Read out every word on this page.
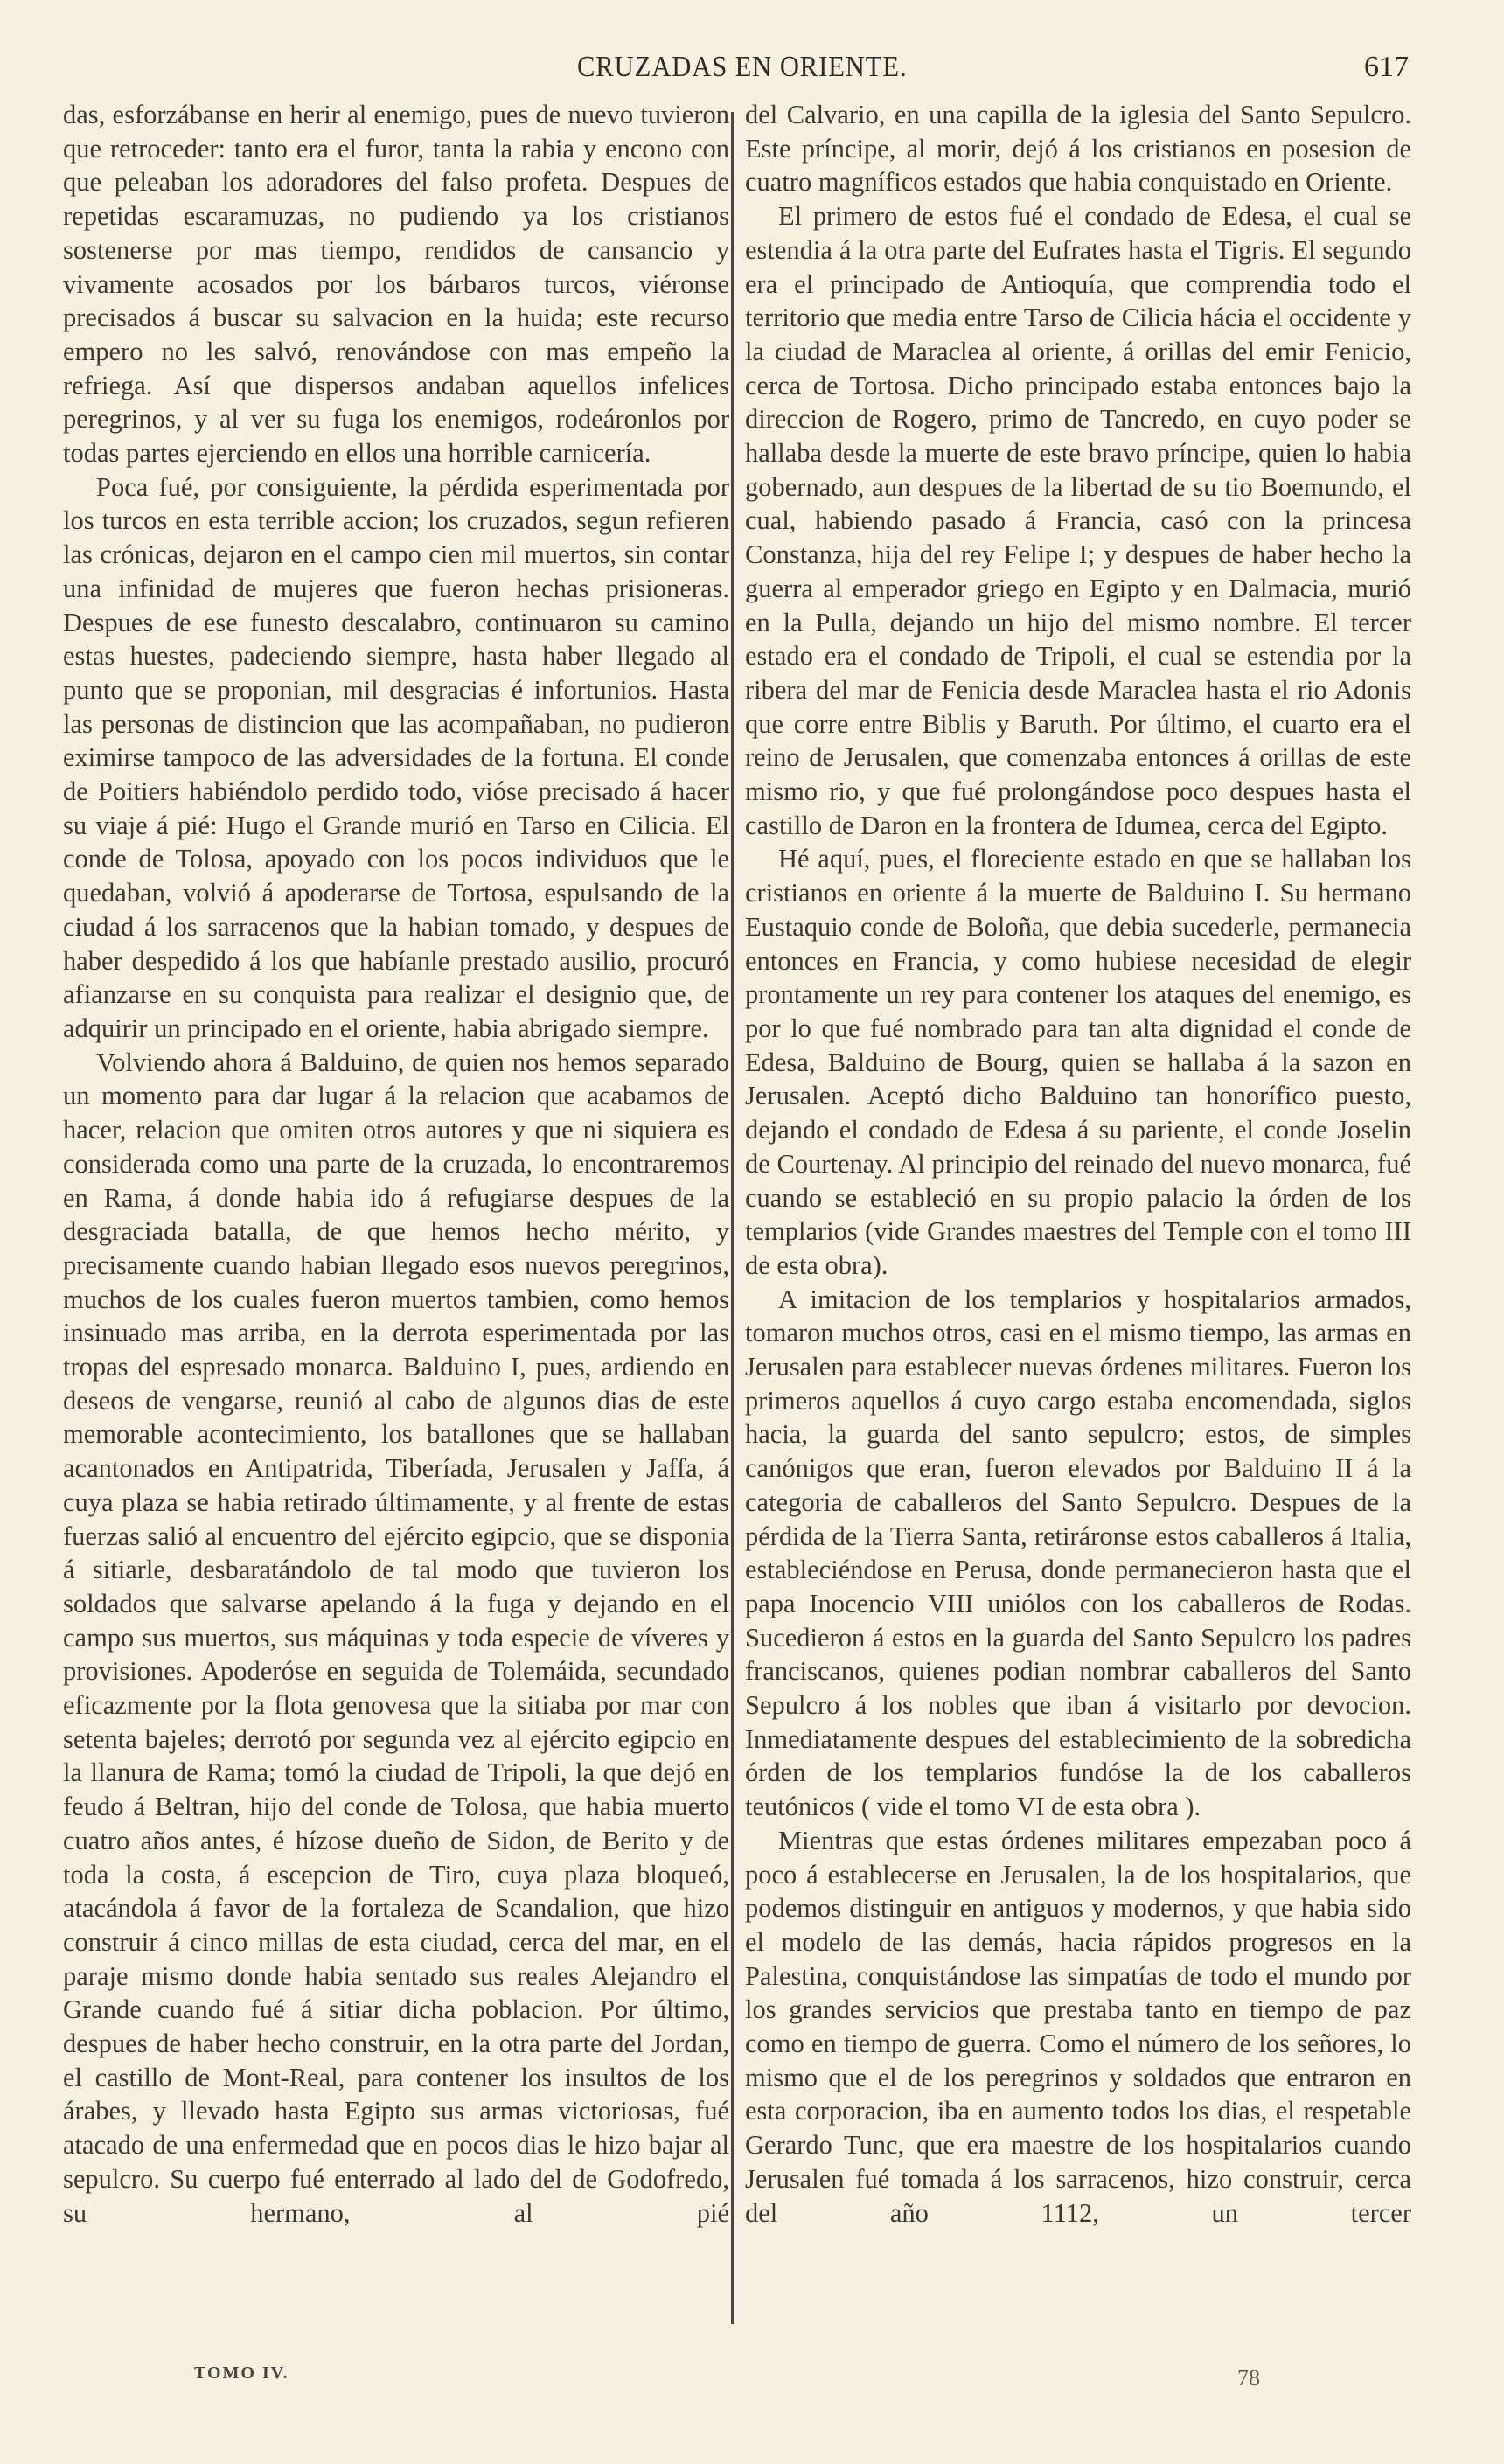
CRUZADAS EN ORIENTE.	617

das, esforzábanse en herir al enemigo, pues de nuevo tuvieron que retroceder: tanto era el furor, tanta la rabia y encono con que peleaban los adoradores del falso profeta. Despues de repetidas escaramuzas, no pudiendo ya los cristianos sostenerse por mas tiempo, rendidos de cansancio y vivamente acosados por los bárbaros turcos, viéronse precisados á buscar su salvacion en la huida; este recurso empero no les salvó, renovándose con mas empeño la refriega. Así que dispersos andaban aquellos infelices peregrinos, y al ver su fuga los enemigos, rodeáronlos por todas partes ejerciendo en ellos una horrible carnicería.

Poca fué, por consiguiente, la pérdida esperimentada por los turcos en esta terrible accion; los cruzados, segun refieren las crónicas, dejaron en el campo cien mil muertos, sin contar una infinidad de mujeres que fueron hechas prisioneras. Despues de ese funesto descalabro, continuaron su camino estas huestes, padeciendo siempre, hasta haber llegado al punto que se proponian, mil desgracias é infortunios. Hasta las personas de distincion que las acompañaban, no pudieron eximirse tampoco de las adversidades de la fortuna. El conde de Poitiers habiéndolo perdido todo, vióse precisado á hacer su viaje á pié: Hugo el Grande murió en Tarso en Cilicia. El conde de Tolosa, apoyado con los pocos individuos que le quedaban, volvió á apoderarse de Tortosa, espulsando de la ciudad á los sarracenos que la habian tomado, y despues de haber despedido á los que habíanle prestado ausilio, procuró afianzarse en su conquista para realizar el designio que, de adquirir un principado en el oriente, habia abrigado siempre.

Volviendo ahora á Balduino, de quien nos hemos separado un momento para dar lugar á la relacion que acabamos de hacer, relacion que omiten otros autores y que ni siquiera es considerada como una parte de la cruzada, lo encontraremos en Rama, á donde habia ido á refugiarse despues de la desgraciada batalla, de que hemos hecho mérito, y precisamente cuando habian llegado esos nuevos peregrinos, muchos de los cuales fueron muertos tambien, como hemos insinuado mas arriba, en la derrota esperimentada por las tropas del espresado monarca. Balduino I, pues, ardiendo en deseos de vengarse, reunió al cabo de algunos dias de este memorable acontecimiento, los batallones que se hallaban acantonados en Antipatrida, Tiberíada, Jerusalen y Jaffa, á cuya plaza se habia retirado últimamente, y al frente de estas fuerzas salió al encuentro del ejército egipcio, que se disponia á sitiarle, desbaratándolo de tal modo que tuvieron los soldados que salvarse apelando á la fuga y dejando en el campo sus muertos, sus máquinas y toda especie de víveres y provisiones. Apoderóse en seguida de Tolemáida, secundado eficazmente por la flota genovesa que la sitiaba por mar con setenta bajeles; derrotó por segunda vez al ejército egipcio en la llanura de Rama; tomó la ciudad de Tripoli, la que dejó en feudo á Beltran, hijo del conde de Tolosa, que habia muerto cuatro años antes, é hízose dueño de Sidon, de Berito y de toda la costa, á escepcion de Tiro, cuya plaza bloqueó, atacándola á favor de la fortaleza de Scandalion, que hizo construir á cinco millas de esta ciudad, cerca del mar, en el paraje mismo donde habia sentado sus reales Alejandro el Grande cuando fué á sitiar dicha poblacion. Por último, despues de haber hecho construir, en la otra parte del Jordan, el castillo de Mont-Real, para contener los insultos de los árabes, y llevado hasta Egipto sus armas victoriosas, fué atacado de una enfermedad que en pocos dias le hizo bajar al sepulcro. Su cuerpo fué enterrado al lado del de Godofredo, su hermano, al pié

del Calvario, en una capilla de la iglesia del Santo Sepulcro. Este príncipe, al morir, dejó á los cristianos en posesion de cuatro magníficos estados que habia conquistado en Oriente.

El primero de estos fué el condado de Edesa, el cual se estendia á la otra parte del Eufrates hasta el Tigris. El segundo era el principado de Antioquía, que comprendia todo el territorio que media entre Tarso de Cilicia hácia el occidente y la ciudad de Maraclea al oriente, á orillas del emir Fenicio, cerca de Tortosa. Dicho principado estaba entonces bajo la direccion de Rogero, primo de Tancredo, en cuyo poder se hallaba desde la muerte de este bravo príncipe, quien lo habia gobernado, aun despues de la libertad de su tio Boemundo, el cual, habiendo pasado á Francia, casó con la princesa Constanza, hija del rey Felipe I; y despues de haber hecho la guerra al emperador griego en Egipto y en Dalmacia, murió en la Pulla, dejando un hijo del mismo nombre. El tercer estado era el condado de Tripoli, el cual se estendia por la ribera del mar de Fenicia desde Maraclea hasta el rio Adonis que corre entre Biblis y Baruth. Por último, el cuarto era el reino de Jerusalen, que comenzaba entonces á orillas de este mismo rio, y que fué prolongándose poco despues hasta el castillo de Daron en la frontera de Idumea, cerca del Egipto.

Hé aquí, pues, el floreciente estado en que se hallaban los cristianos en oriente á la muerte de Balduino I. Su hermano Eustaquio conde de Boloña, que debia sucederle, permanecia entonces en Francia, y como hubiese necesidad de elegir prontamente un rey para contener los ataques del enemigo, es por lo que fué nombrado para tan alta dignidad el conde de Edesa, Balduino de Bourg, quien se hallaba á la sazon en Jerusalen. Aceptó dicho Balduino tan honorífico puesto, dejando el condado de Edesa á su pariente, el conde Joselin de Courtenay. Al principio del reinado del nuevo monarca, fué cuando se estableció en su propio palacio la órden de los templarios (vide Grandes maestres del Temple con el tomo III de esta obra).

A imitacion de los templarios y hospitalarios armados, tomaron muchos otros, casi en el mismo tiempo, las armas en Jerusalen para establecer nuevas órdenes militares. Fueron los primeros aquellos á cuyo cargo estaba encomendada, siglos hacia, la guarda del santo sepulcro; estos, de simples canónigos que eran, fueron elevados por Balduino II á la categoria de caballeros del Santo Sepulcro. Despues de la pérdida de la Tierra Santa, retiráronse estos caballeros á Italia, estableciéndose en Perusa, donde permanecieron hasta que el papa Inocencio VIII uniólos con los caballeros de Rodas. Sucedieron á estos en la guarda del Santo Sepulcro los padres franciscanos, quienes podian nombrar caballeros del Santo Sepulcro á los nobles que iban á visitarlo por devocion. Inmediatamente despues del establecimiento de la sobredicha órden de los templarios fundóse la de los caballeros teutónicos ( vide el tomo VI de esta obra ).

Mientras que estas órdenes militares empezaban poco á poco á establecerse en Jerusalen, la de los hospitalarios, que podemos distinguir en antiguos y modernos, y que habia sido el modelo de las demás, hacia rápidos progresos en la Palestina, conquistándose las simpatías de todo el mundo por los grandes servicios que prestaba tanto en tiempo de paz como en tiempo de guerra. Como el número de los señores, lo mismo que el de los peregrinos y soldados que entraron en esta corporacion, iba en aumento todos los dias, el respetable Gerardo Tunc, que era maestre de los hospitalarios cuando Jerusalen fué tomada á los sarracenos, hizo construir, cerca del año 1112, un tercer

TOMO IV.	78
